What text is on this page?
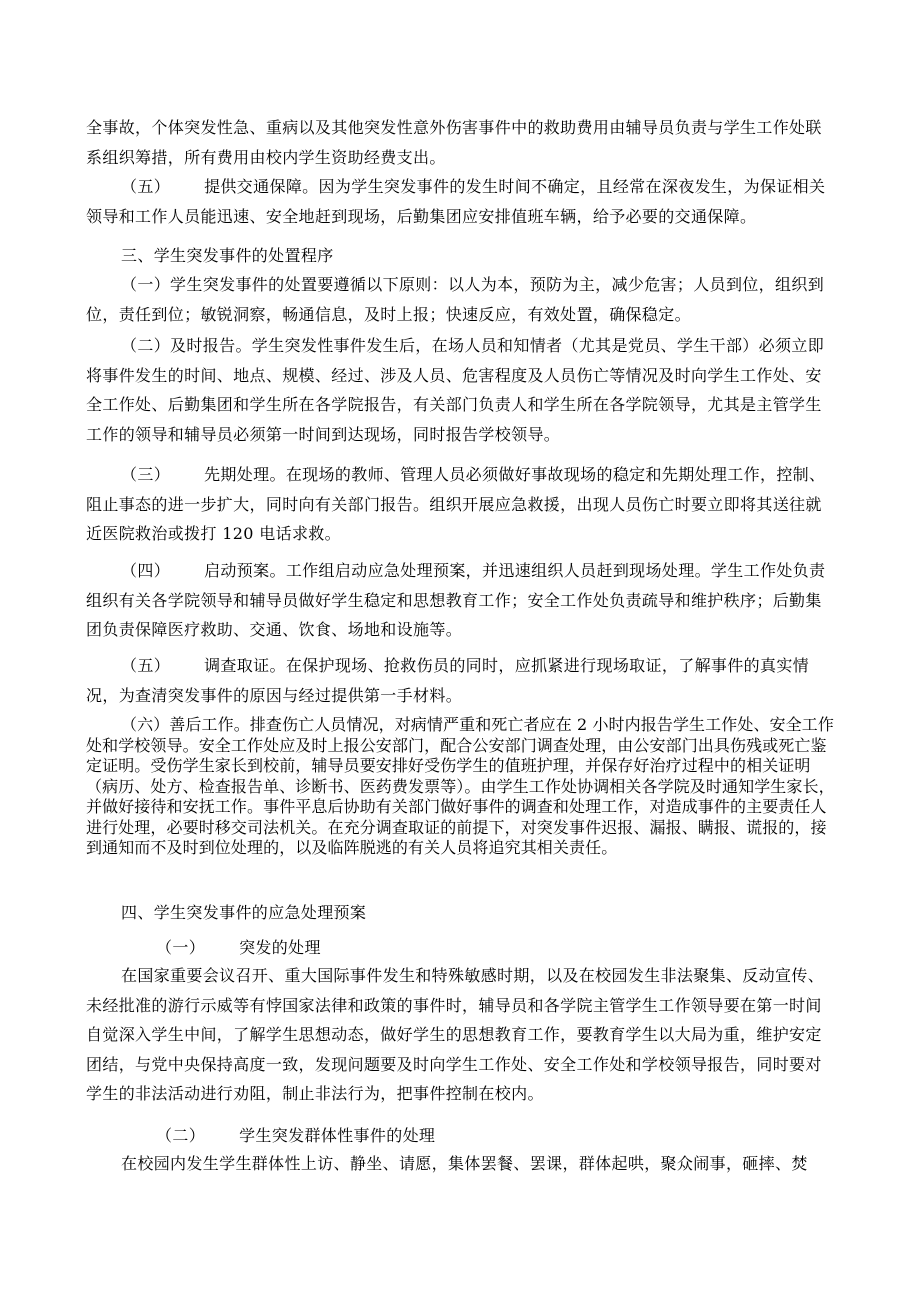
全事故，个体突发性急、重病以及其他突发性意外伤害事件中的救助费用由辅导员负责与学生工作处联系组织筹措，所有费用由校内学生资助经费支出。

（五） 提供交通保障。因为学生突发事件的发生时间不确定，且经常在深夜发生，为保证相关领导和工作人员能迅速、安全地赶到现场，后勤集团应安排值班车辆，给予必要的交通保障。

三、学生突发事件的处置程序

（一）学生突发事件的处置要遵循以下原则：以人为本，预防为主，减少危害；人员到位，组织到位，责任到位；敏锐洞察，畅通信息，及时上报；快速反应，有效处置，确保稳定。

（二）及时报告。学生突发性事件发生后，在场人员和知情者（尤其是党员、学生干部）必须立即将事件发生的时间、地点、规模、经过、涉及人员、危害程度及人员伤亡等情况及时向学生工作处、安全工作处、后勤集团和学生所在各学院报告，有关部门负责人和学生所在各学院领导，尤其是主管学生工作的领导和辅导员必须第一时间到达现场，同时报告学校领导。

（三） 先期处理。在现场的教师、管理人员必须做好事故现场的稳定和先期处理工作，控制、阻止事态的进一步扩大，同时向有关部门报告。组织开展应急救援，出现人员伤亡时要立即将其送往就近医院救治或拨打 120 电话求救。

（四） 启动预案。工作组启动应急处理预案，并迅速组织人员赶到现场处理。学生工作处负责组织有关各学院领导和辅导员做好学生稳定和思想教育工作；安全工作处负责疏导和维护秩序；后勤集团负责保障医疗救助、交通、饮食、场地和设施等。

（五） 调查取证。在保护现场、抢救伤员的同时，应抓紧进行现场取证，了解事件的真实情况，为查清突发事件的原因与经过提供第一手材料。

（六）善后工作。排查伤亡人员情况，对病情严重和死亡者应在 2 小时内报告学生工作处、安全工作处和学校领导。安全工作处应及时上报公安部门，配合公安部门调查处理，由公安部门出具伤残或死亡鉴定证明。受伤学生家长到校前，辅导员要安排好受伤学生的值班护理，并保存好治疗过程中的相关证明（病历、处方、检查报告单、诊断书、医药费发票等）。由学生工作处协调相关各学院及时通知学生家长，并做好接待和安抚工作。事件平息后协助有关部门做好事件的调查和处理工作，对造成事件的主要责任人进行处理，必要时移交司法机关。在充分调查取证的前提下，对突发事件迟报、漏报、瞒报、谎报的，接到通知而不及时到位处理的，以及临阵脱逃的有关人员将追究其相关责任。

四、学生突发事件的应急处理预案

（一） 突发的处理

在国家重要会议召开、重大国际事件发生和特殊敏感时期，以及在校园发生非法聚集、反动宣传、未经批准的游行示威等有悖国家法律和政策的事件时，辅导员和各学院主管学生工作领导要在第一时间自觉深入学生中间，了解学生思想动态，做好学生的思想教育工作，要教育学生以大局为重，维护安定团结，与党中央保持高度一致，发现问题要及时向学生工作处、安全工作处和学校领导报告，同时要对学生的非法活动进行劝阻，制止非法行为，把事件控制在校内。

（二） 学生突发群体性事件的处理

在校园内发生学生群体性上访、静坐、请愿，集体罢餐、罢课，群体起哄，聚众闹事，砸摔、焚
